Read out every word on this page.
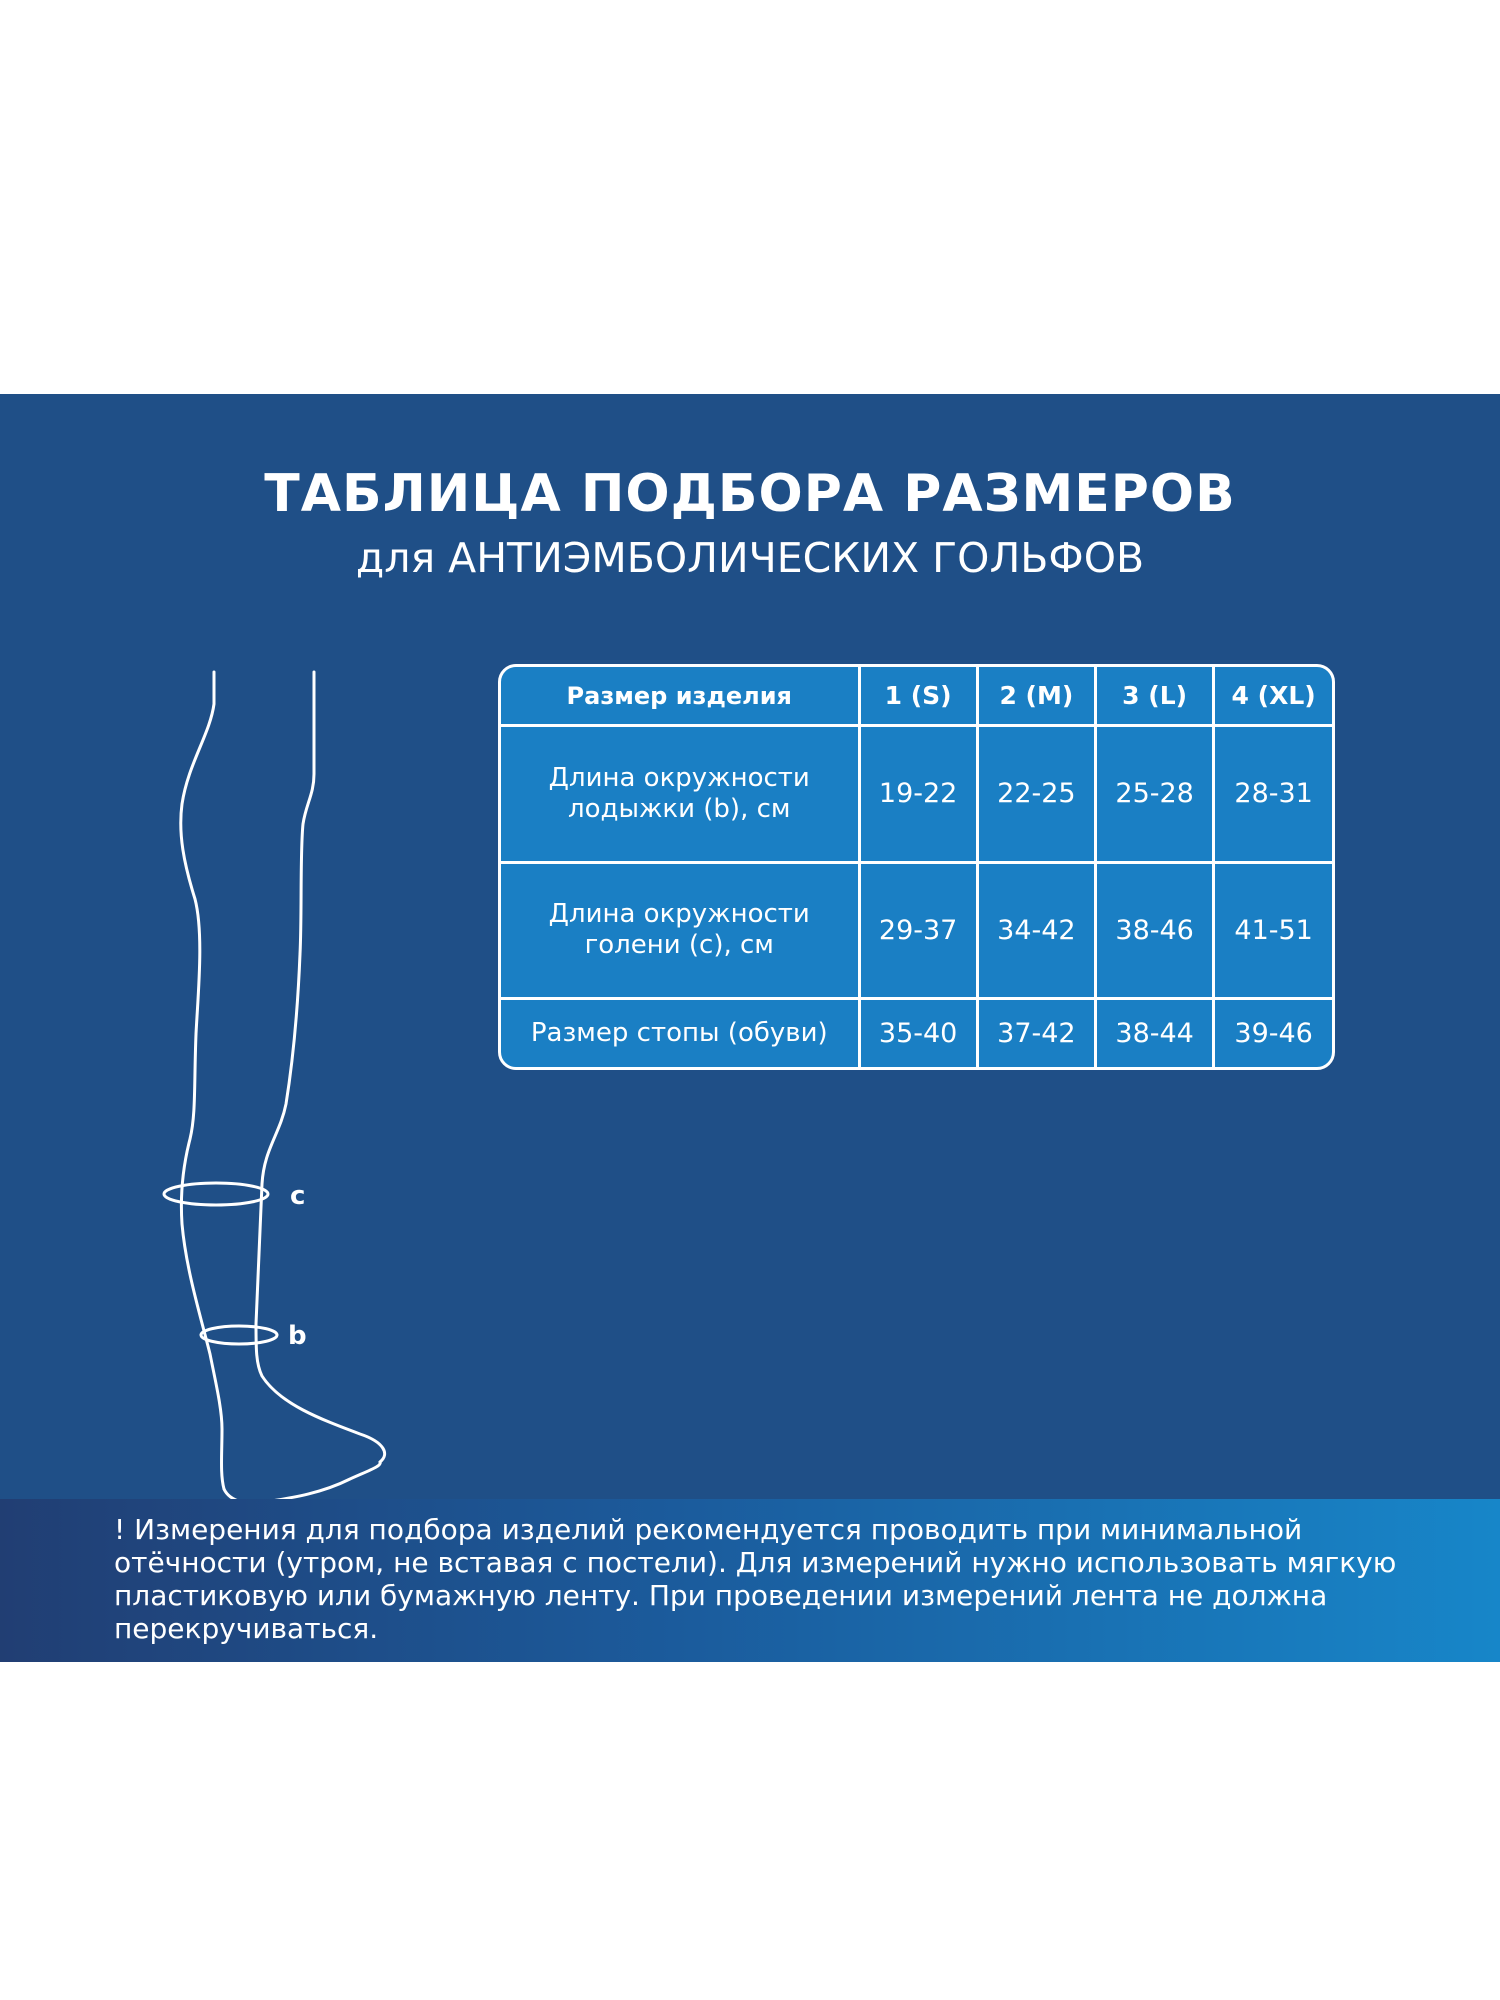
ТАБЛИЦА ПОДБОРА РАЗМЕРОВ
для АНТИЭМБОЛИЧЕСКИХ ГОЛЬФОВ
c
b
Размер изделия	1 (S)	2 (M)	3 (L)	4 (XL)

Длина окружности
лодыжки (b), см	19-22	22-25	25-28	28-31

Длина окружности
голени (c), см	29-37	34-42	38-46	41-51

Размер стопы (обуви)	35-40	37-42	38-44	39-46
! Измерения для подбора изделий рекомендуется проводить при минимальной отёчности (утром, не вставая с постели). Для измерений нужно использовать мягкую пластиковую или бумажную ленту. При проведении измерений лента не должна перекручиваться.
